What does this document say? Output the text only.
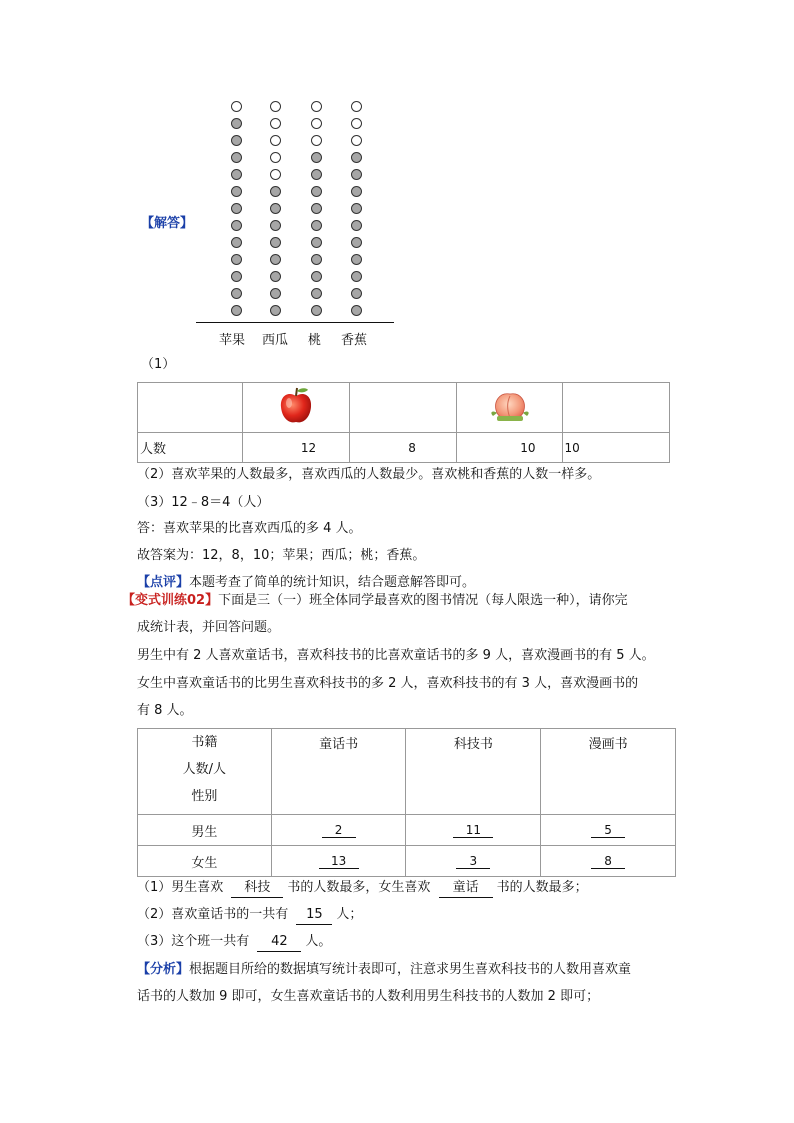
【解答】
苹果 西瓜 桃 香蕉
（1）

人数	12	8	10	10
（2）喜欢苹果的人数最多，喜欢西瓜的人数最少。喜欢桃和香蕉的人数一样多。
（3）12﹣8＝4（人）
答：喜欢苹果的比喜欢西瓜的多 4 人。
故答案为：12，8，10；苹果；西瓜；桃；香蕉。
【点评】本题考查了简单的统计知识，结合题意解答即可。
【变式训练02】下面是三（一）班全体同学最喜欢的图书情况（每人限选一种），请你完
成统计表，并回答问题。
男生中有 2 人喜欢童话书，喜欢科技书的比喜欢童话书的多 9 人，喜欢漫画书的有 5 人。
女生中喜欢童话书的比男生喜欢科技书的多 2 人，喜欢科技书的有 3 人，喜欢漫画书的
有 8 人。
书籍
人数/人
性别	童话书	科技书	漫画书
男生	2	11	5
女生	13	3	8
（1）男生喜欢 科技 书的人数最多，女生喜欢 童话 书的人数最多；
（2）喜欢童话书的一共有 15 人；
（3）这个班一共有 42 人。
【分析】根据题目所给的数据填写统计表即可，注意求男生喜欢科技书的人数用喜欢童
话书的人数加 9 即可，女生喜欢童话书的人数利用男生科技书的人数加 2 即可；
